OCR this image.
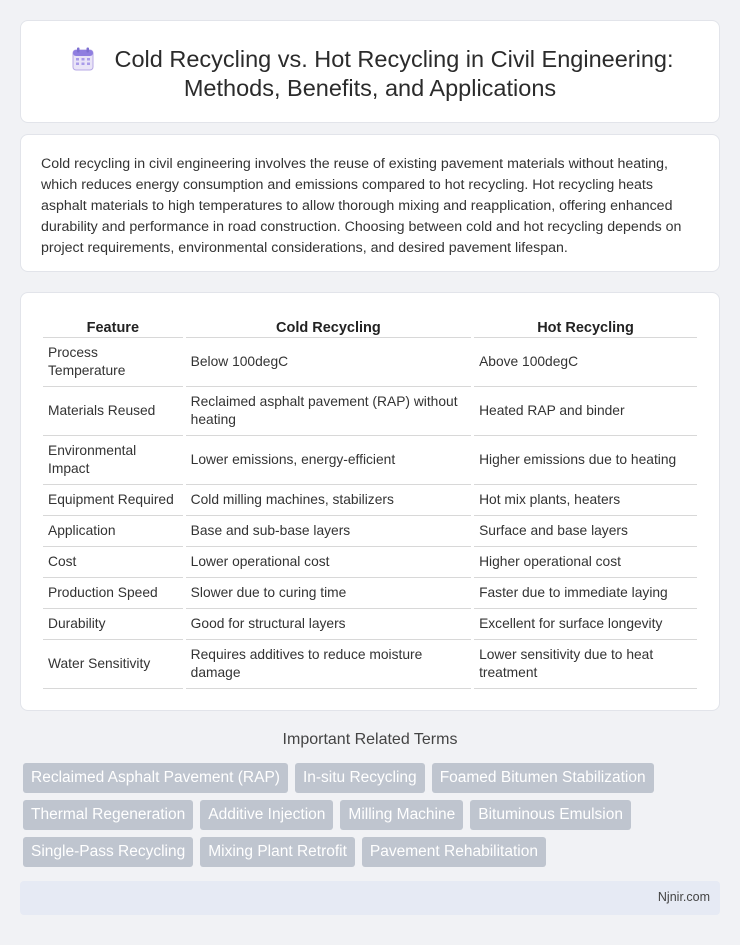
Cold Recycling vs. Hot Recycling in Civil Engineering:
Methods, Benefits, and Applications

Cold recycling in civil engineering involves the reuse of existing pavement materials without heating, which reduces energy consumption and emissions compared to hot recycling. Hot recycling heats asphalt materials to high temperatures to allow thorough mixing and reapplication, offering enhanced durability and performance in road construction. Choosing between cold and hot recycling depends on project requirements, environmental considerations, and desired pavement lifespan.

Feature	Cold Recycling	Hot Recycling
Process Temperature	Below 100degC	Above 100degC
Materials Reused	Reclaimed asphalt pavement (RAP) without heating	Heated RAP and binder
Environmental Impact	Lower emissions, energy-efficient	Higher emissions due to heating
Equipment Required	Cold milling machines, stabilizers	Hot mix plants, heaters
Application	Base and sub-base layers	Surface and base layers
Cost	Lower operational cost	Higher operational cost
Production Speed	Slower due to curing time	Faster due to immediate laying
Durability	Good for structural layers	Excellent for surface longevity
Water Sensitivity	Requires additives to reduce moisture damage	Lower sensitivity due to heat treatment
Important Related Terms
Reclaimed Asphalt Pavement (RAP)	In-situ Recycling	Foamed Bitumen Stabilization
Thermal Regeneration	Additive Injection	Milling Machine	Bituminous Emulsion
Single-Pass Recycling	Mixing Plant Retrofit	Pavement Rehabilitation
Njnir.com
